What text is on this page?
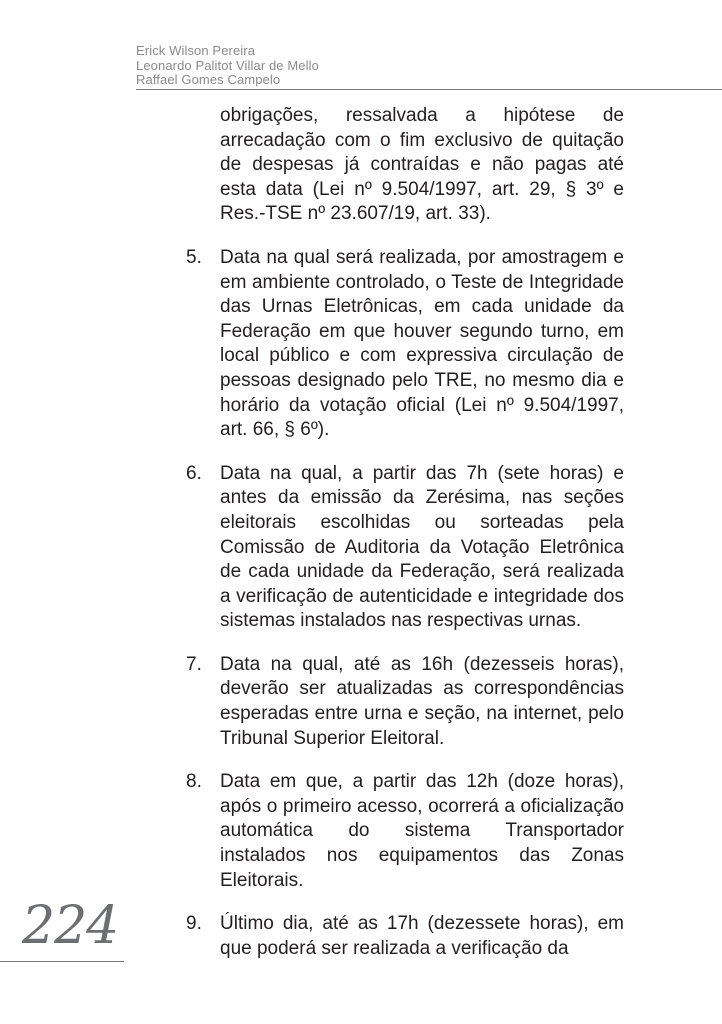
Erick Wilson Pereira
Leonardo Palitot Villar de Mello
Raffael Gomes Campelo

obrigações, ressalvada a hipótese de arrecadação com o fim exclusivo de quitação de despesas já contraídas e não pagas até esta data (Lei nº 9.504/1997, art. 29, § 3º e Res.-TSE nº 23.607/19, art. 33).

5. Data na qual será realizada, por amostragem e em ambiente controlado, o Teste de Integridade das Urnas Eletrônicas, em cada unidade da Federação em que houver segundo turno, em local público e com expressiva circulação de pessoas designado pelo TRE, no mesmo dia e horário da votação oficial (Lei nº 9.504/1997, art. 66, § 6º).
6. Data na qual, a partir das 7h (sete horas) e antes da emissão da Zerésima, nas seções eleitorais escolhidas ou sorteadas pela Comissão de Auditoria da Votação Eletrônica de cada unidade da Federação, será realizada a verificação de autenticidade e integridade dos sistemas instalados nas respectivas urnas.
7. Data na qual, até as 16h (dezesseis horas), deverão ser atualizadas as correspondências esperadas entre urna e seção, na internet, pelo Tribunal Superior Eleitoral.
8. Data em que, a partir das 12h (doze horas), após o primeiro acesso, ocorrerá a oficialização automática do sistema Transportador instalados nos equipamentos das Zonas Eleitorais.
9. Último dia, até as 17h (dezessete horas), em que poderá ser realizada a verificação da
224
